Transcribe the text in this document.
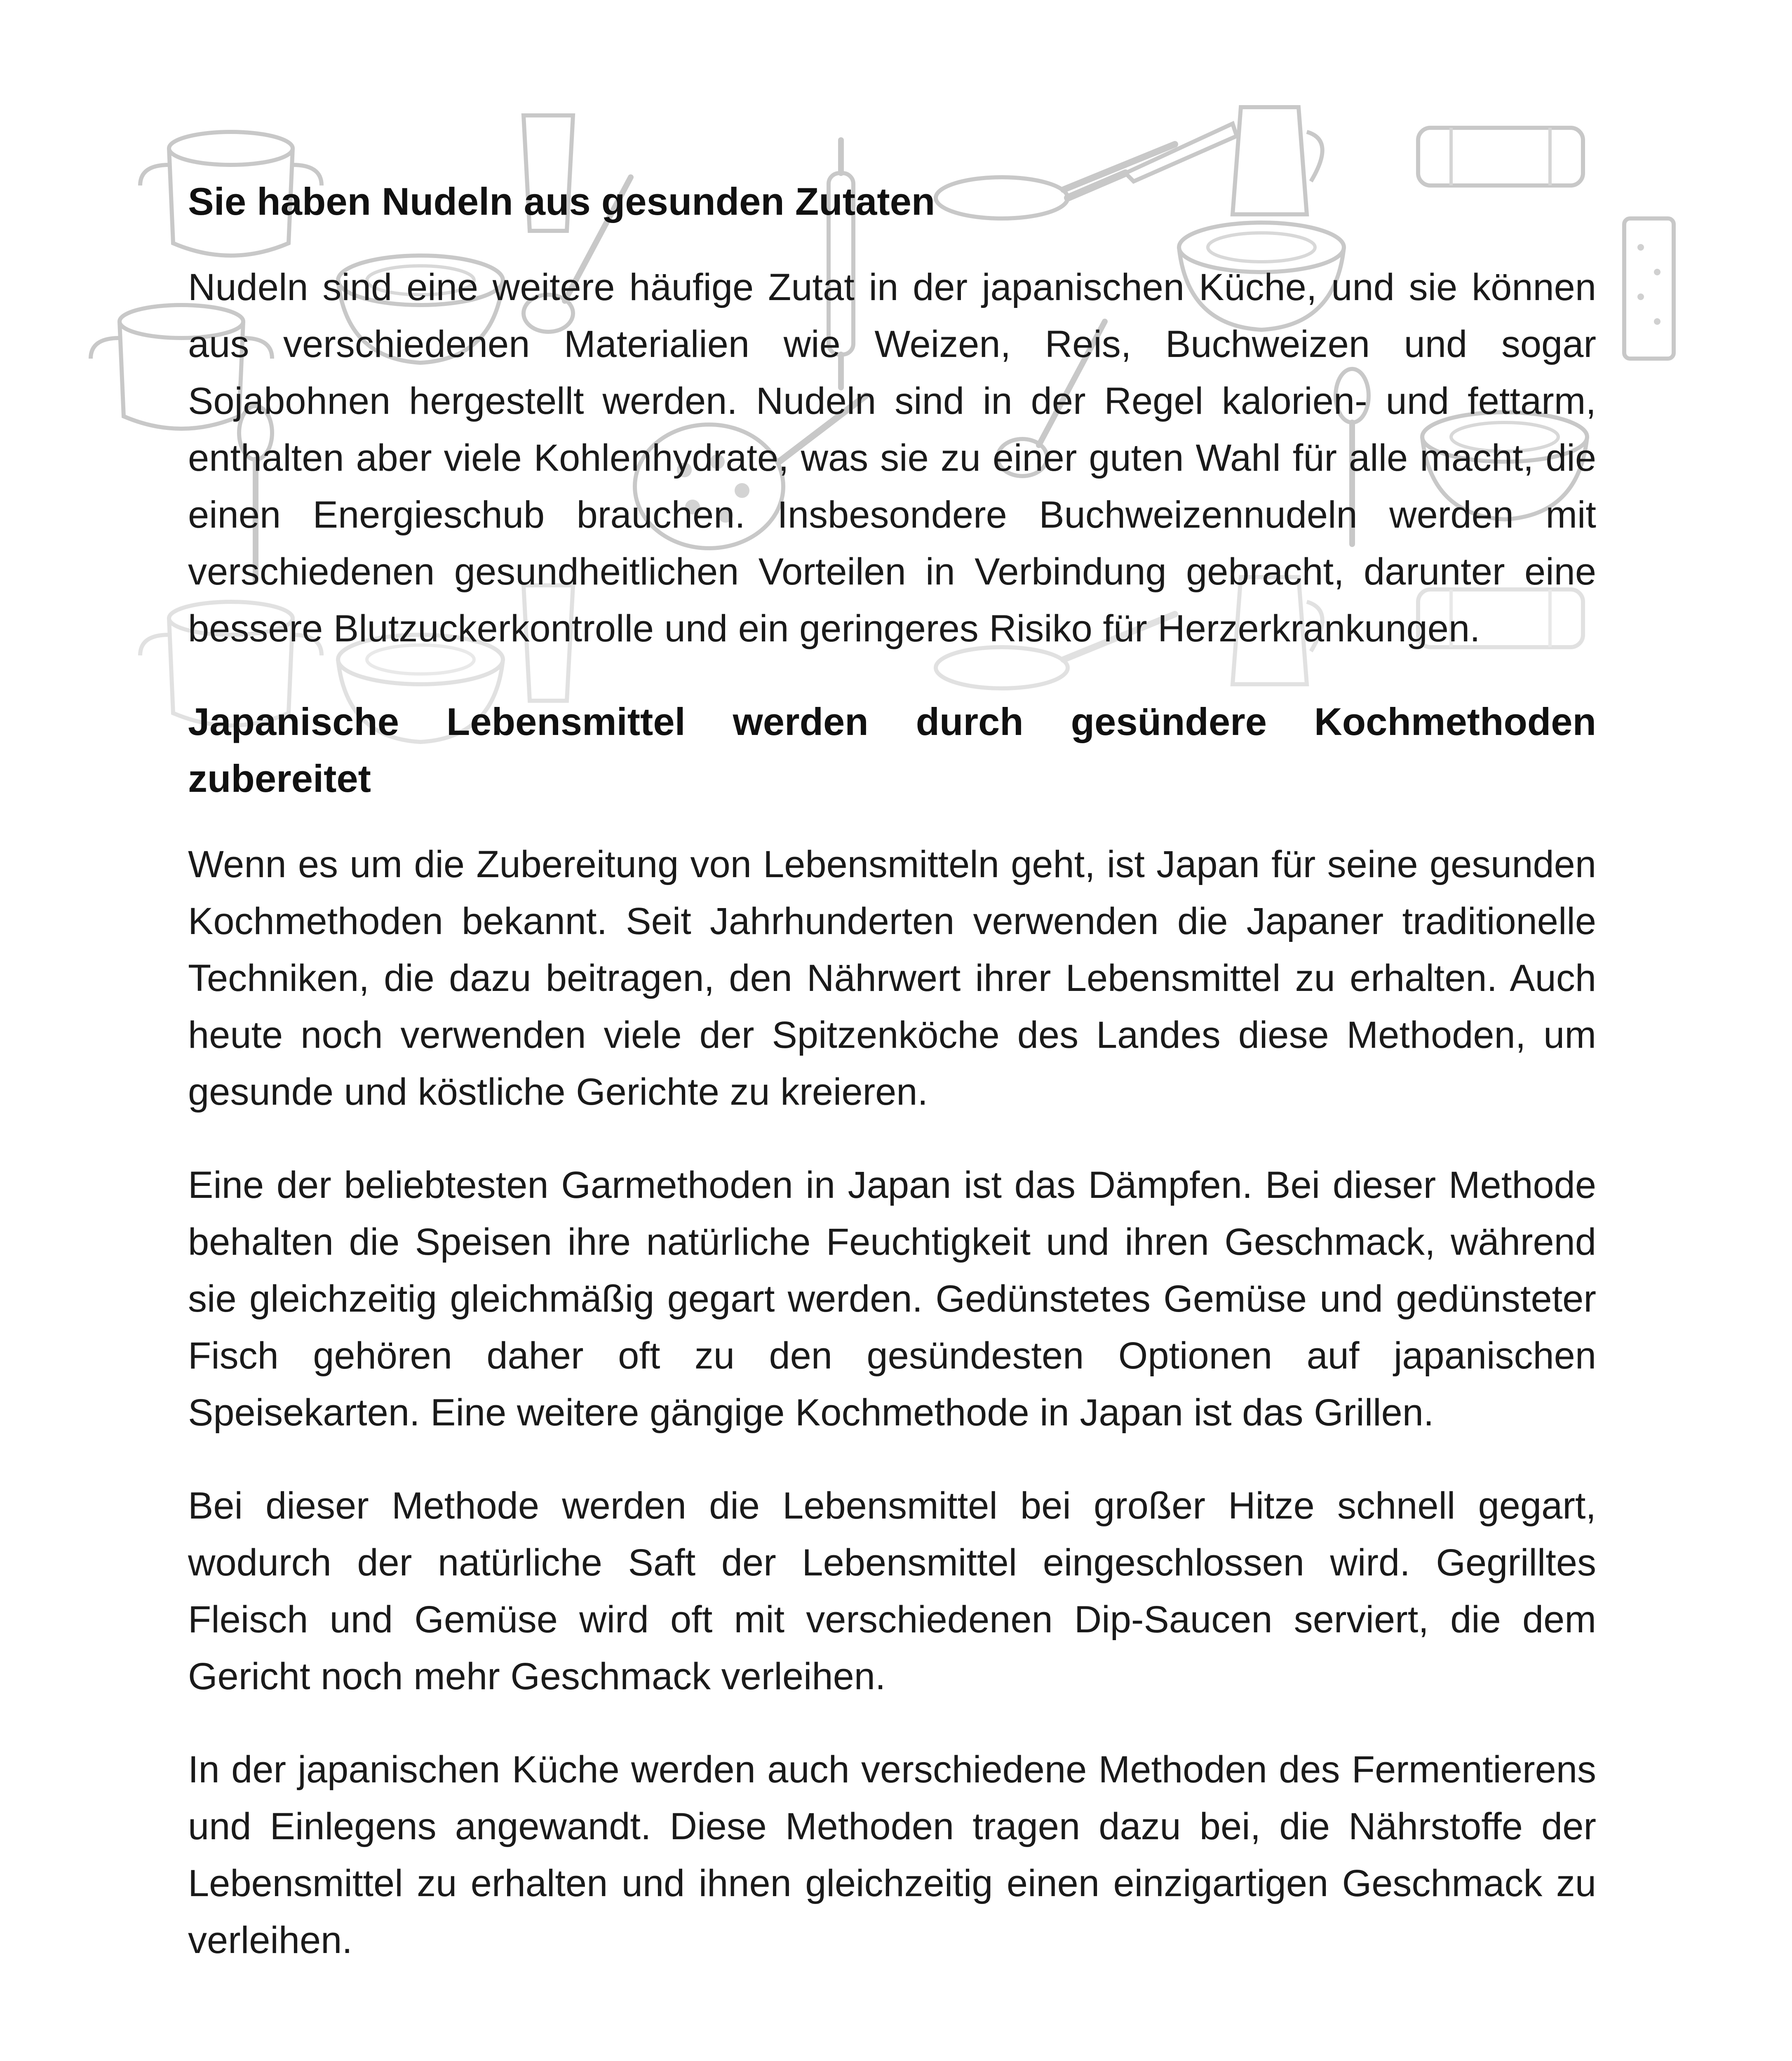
Sie haben Nudeln aus gesunden Zutaten

Nudeln sind eine weitere häufige Zutat in der japanischen Küche, und sie können aus verschiedenen Materialien wie Weizen, Reis, Buchweizen und sogar Sojabohnen hergestellt werden. Nudeln sind in der Regel kalorien- und fettarm, enthalten aber viele Kohlenhydrate, was sie zu einer guten Wahl für alle macht, die einen Energieschub brauchen. Insbesondere Buchweizennudeln werden mit verschiedenen gesundheitlichen Vorteilen in Verbindung gebracht, darunter eine bessere Blutzuckerkontrolle und ein geringeres Risiko für Herzerkrankungen.

Japanische Lebensmittel werden durch gesündere Kochmethoden zubereitet

Wenn es um die Zubereitung von Lebensmitteln geht, ist Japan für seine gesunden Kochmethoden bekannt. Seit Jahrhunderten verwenden die Japaner traditionelle Techniken, die dazu beitragen, den Nährwert ihrer Lebensmittel zu erhalten. Auch heute noch verwenden viele der Spitzenköche des Landes diese Methoden, um gesunde und köstliche Gerichte zu kreieren.

Eine der beliebtesten Garmethoden in Japan ist das Dämpfen. Bei dieser Methode behalten die Speisen ihre natürliche Feuchtigkeit und ihren Geschmack, während sie gleichzeitig gleichmäßig gegart werden. Gedünstetes Gemüse und gedünsteter Fisch gehören daher oft zu den gesündesten Optionen auf japanischen Speisekarten. Eine weitere gängige Kochmethode in Japan ist das Grillen.

Bei dieser Methode werden die Lebensmittel bei großer Hitze schnell gegart, wodurch der natürliche Saft der Lebensmittel eingeschlossen wird. Gegrilltes Fleisch und Gemüse wird oft mit verschiedenen Dip-Saucen serviert, die dem Gericht noch mehr Geschmack verleihen.

In der japanischen Küche werden auch verschiedene Methoden des Fermentierens und Einlegens angewandt. Diese Methoden tragen dazu bei, die Nährstoffe der Lebensmittel zu erhalten und ihnen gleichzeitig einen einzigartigen Geschmack zu verleihen.
